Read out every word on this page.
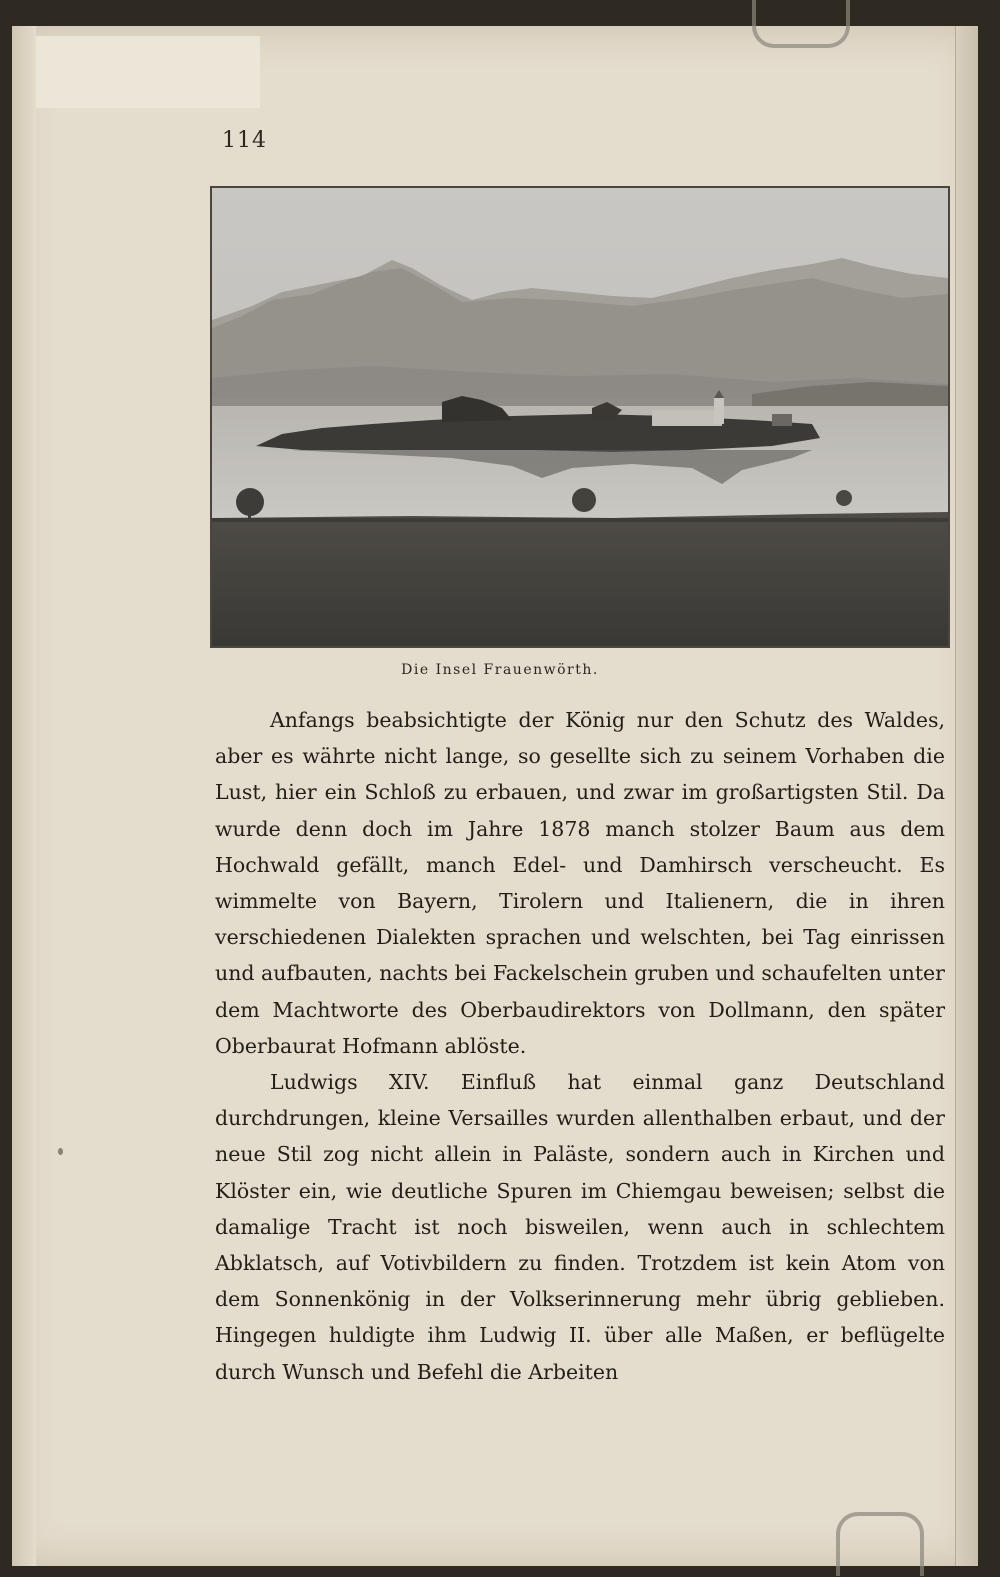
114
Die Insel Frauenwörth.

Anfangs beabsichtigte der König nur den Schutz des Waldes, aber es währte nicht lange, so gesellte sich zu seinem Vorhaben die Lust, hier ein Schloß zu erbauen, und zwar im großartigsten Stil. Da wurde denn doch im Jahre 1878 manch stolzer Baum aus dem Hochwald gefällt, manch Edel- und Damhirsch verscheucht. Es wimmelte von Bayern, Tirolern und Italienern, die in ihren verschiedenen Dialekten sprachen und welschten, bei Tag einrissen und aufbauten, nachts bei Fackelschein gruben und schaufelten unter dem Machtworte des Oberbaudirektors von Dollmann, den später Oberbaurat Hofmann ablöste.

Ludwigs XIV. Einfluß hat einmal ganz Deutschland durchdrungen, kleine Versailles wurden allenthalben erbaut, und der neue Stil zog nicht allein in Paläste, sondern auch in Kirchen und Klöster ein, wie deutliche Spuren im Chiemgau beweisen; selbst die damalige Tracht ist noch bisweilen, wenn auch in schlechtem Abklatsch, auf Votivbildern zu finden. Trotzdem ist kein Atom von dem Sonnenkönig in der Volkserinnerung mehr übrig geblieben. Hingegen huldigte ihm Ludwig II. über alle Maßen, er beflügelte durch Wunsch und Befehl die Arbeiten
